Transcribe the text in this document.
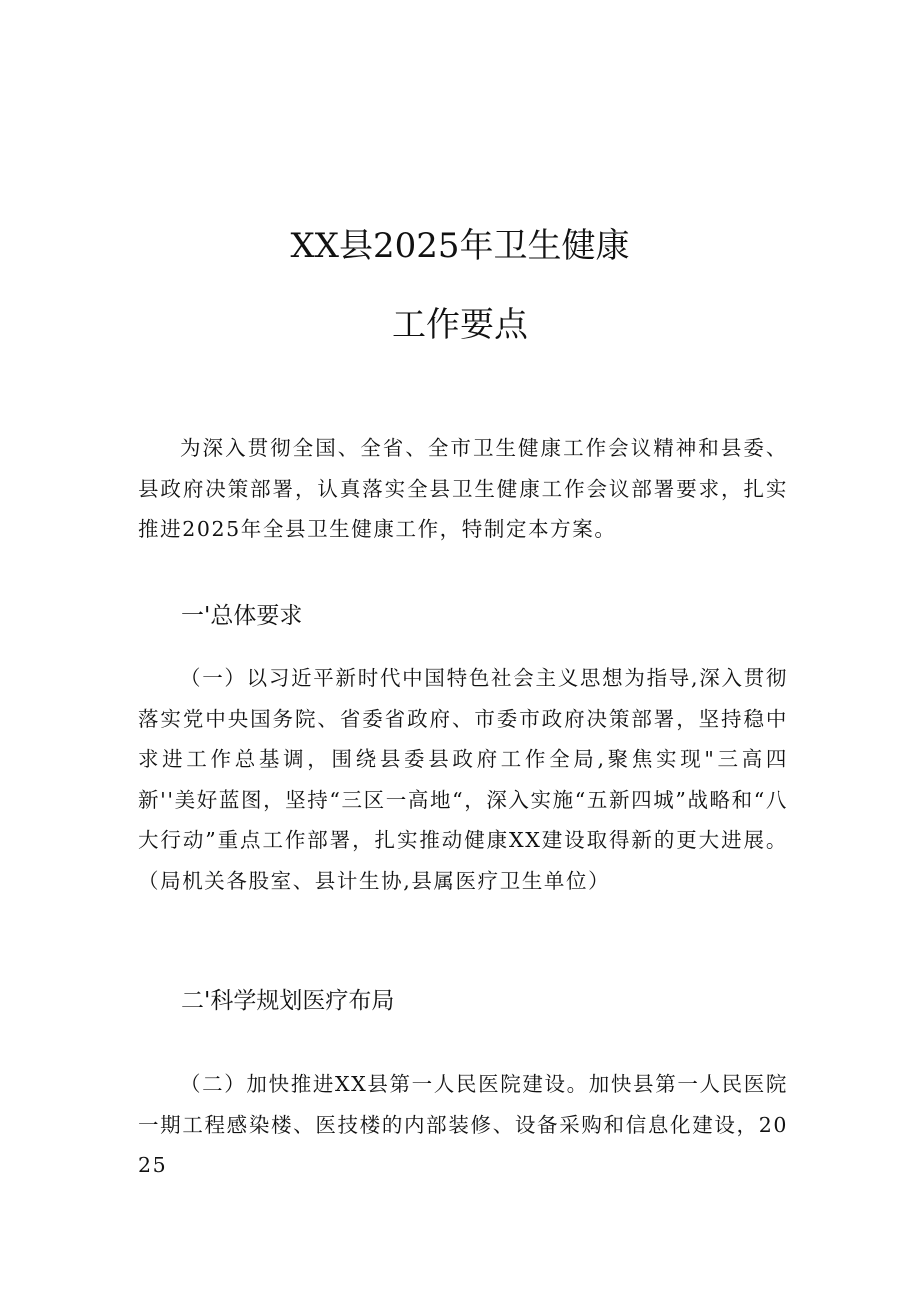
XX县2025年卫生健康
工作要点

为深入贯彻全国、全省、全市卫生健康工作会议精神和县委、县政府决策部署，认真落实全县卫生健康工作会议部署要求，扎实推进2025年全县卫生健康工作，特制定本方案。

一'总体要求

（一）以习近平新时代中国特色社会主义思想为指导,深入贯彻落实党中央国务院、省委省政府、市委市政府决策部署，坚持稳中求进工作总基调，围绕县委县政府工作全局,聚焦实现"三高四新''美好蓝图，坚持“三区一高地“，深入实施“五新四城”战略和“八大行动”重点工作部署，扎实推动健康XX建设取得新的更大进展。（局机关各股室、县计生协,县属医疗卫生单位）

二'科学规划医疗布局

（二）加快推进XX县第一人民医院建设。加快县第一人民医院一期工程感染楼、医技楼的内部装修、设备采购和信息化建设，2025
